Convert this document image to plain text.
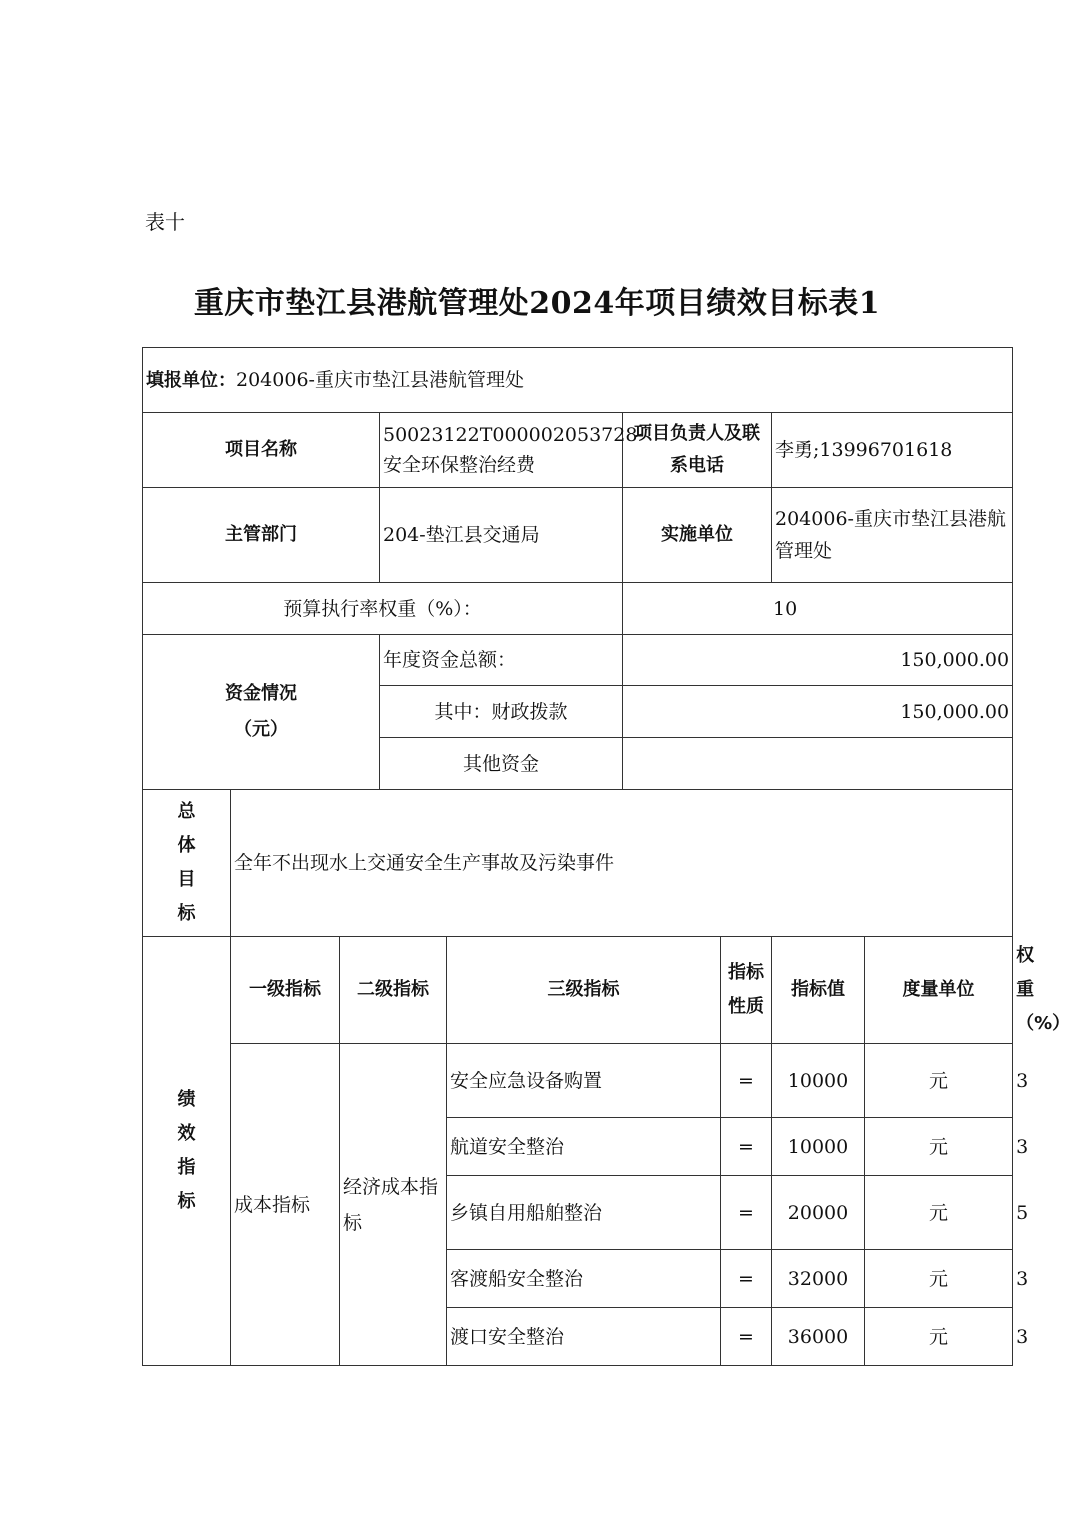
表十
重庆市垫江县港航管理处2024年项目绩效目标表1
填报单位：204006-重庆市垫江县港航管理处									
项目名称			50023122T000002053728-安全环保整治经费		项目负责人及联系电话		李勇;13996701618		
主管部门			204-垫江县交通局		实施单位		204006-重庆市垫江县港航管理处		
预算执行率权重（%）：					10				
资金情况（元）			年度资金总额：		150,000.00				
			其中：财政拨款		150,000.00				
			其他资金						

总
体
目
标	全年不出现水上交通安全生产事故及污染事件								

绩
效
指
标	一级指标	二级指标		三级指标		指标性质	指标值	度量单位	权重（%）
	成本指标	经济成本指标		安全应急设备购置		=	10000	元	3
				航道安全整治		=	10000	元	3
				乡镇自用船舶整治		=	20000	元	5
				客渡船安全整治		=	32000	元	3
				渡口安全整治		=	36000	元	3
